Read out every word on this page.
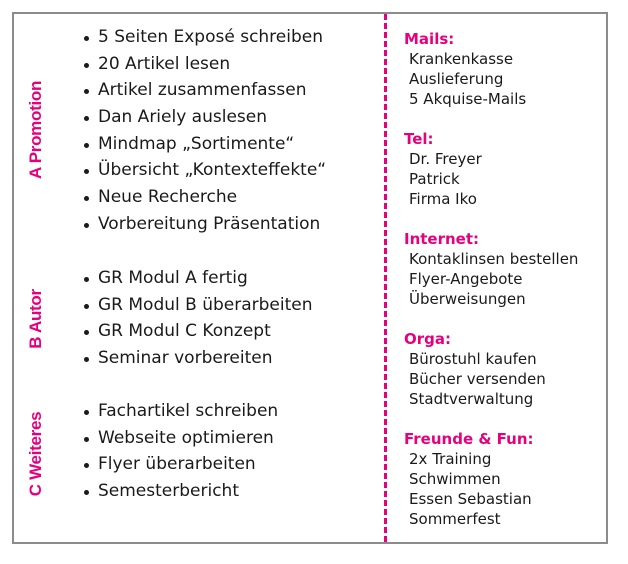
A Promotion
5 Seiten Exposé schreiben
20 Artikel lesen
Artikel zusammenfassen
Dan Ariely auslesen
Mindmap „Sortimente“
Übersicht „Kontexteffekte“
Neue Recherche
Vorbereitung Präsentation
B Autor
GR Modul A fertig
GR Modul B überarbeiten
GR Modul C Konzept
Seminar vorbereiten
C Weiteres
Fachartikel schreiben
Webseite optimieren
Flyer überarbeiten
Semesterbericht
Mails:
Krankenkasse
Auslieferung
5 Akquise-Mails
Tel:
Dr. Freyer
Patrick
Firma Iko
Internet:
Kontaklinsen bestellen
Flyer-Angebote
Überweisungen
Orga:
Bürostuhl kaufen
Bücher versenden
Stadtverwaltung
Freunde & Fun:
2x Training
Schwimmen
Essen Sebastian
Sommerfest
